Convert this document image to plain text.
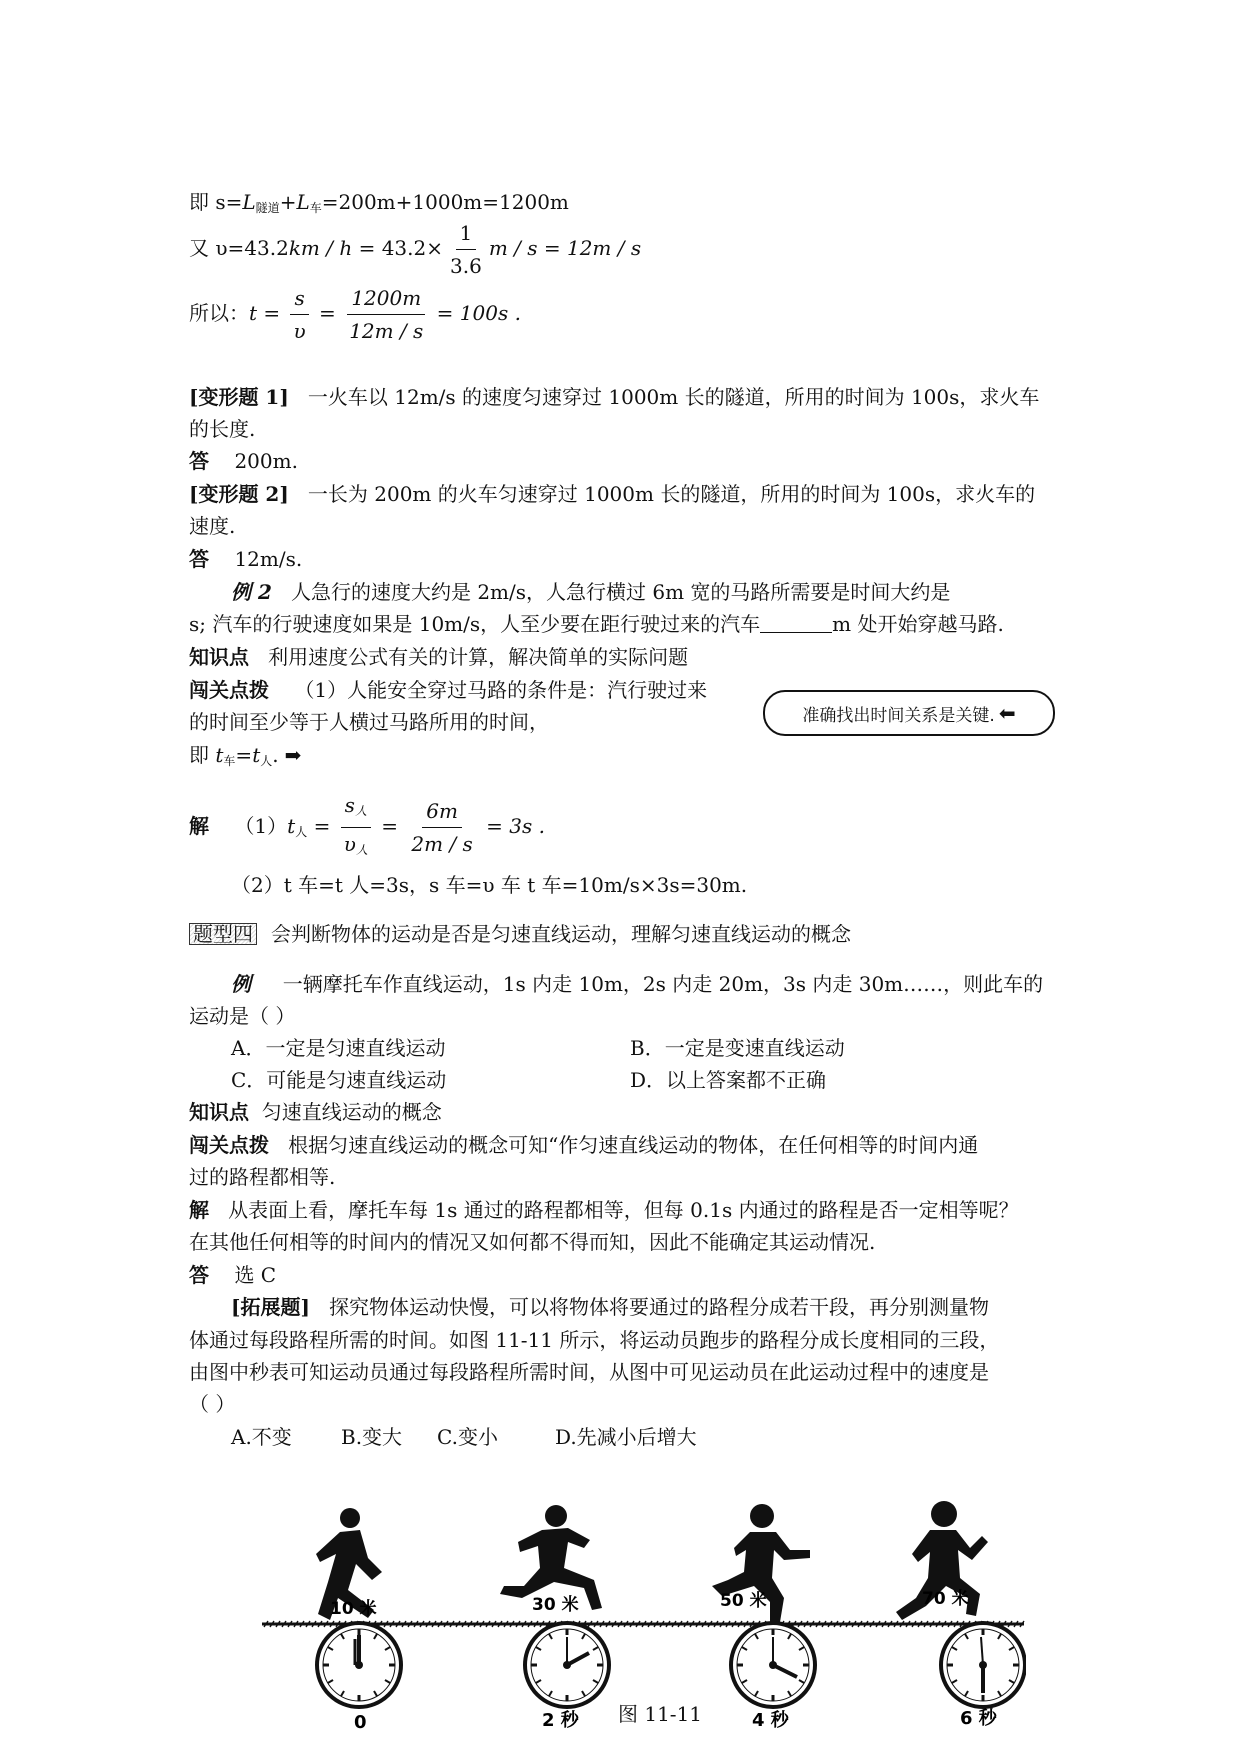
即 $s=L_{隧道}+L_车=200m+1000m=1200m$
又 $\upsilon=43.2km / h = 43.2\times \frac{1}{3.6}$ m / s = 12m / s
所以：$t = \frac{s}{\upsilon} = \frac{1200m}{12m / s} = 100s$ .
[变形题 1] 一火车以 12m/s 的速度匀速穿过 1000m 长的隧道，所用的时间为 100s，求火车
的长度.
答 200m.
[变形题 2] 一长为 200m 的火车匀速穿过 1000m 长的隧道，所用的时间为 100s，求火车的
速度.
答 12m/s.
例 2 人急行的速度大约是 2m/s，人急行横过 6m 宽的马路所需要是时间大约是
s; 汽车的行驶速度如果是 10m/s，人至少要在距行驶过来的汽车	m 处开始穿越马路.
知识点 利用速度公式有关的计算，解决简单的实际问题
闯关点拨 （1）人能安全穿过马路的条件是：汽行驶过来
的时间至少等于人横过马路所用的时间，
即 $t_车=t_人$. ➡
准确找出时间关系是关键. ⬅
解 $(1)t_人 = \frac{s_人}{\upsilon_人} = \frac{6m}{2m / s} = 3s$ .
（2）t 车=t 人=3s，s 车=υ 车 t 车=10m/s×3s=30m.
题型四 会判断物体的运动是否是匀速直线运动，理解匀速直线运动的概念
例 一辆摩托车作直线运动，1s 内走 10m，2s 内走 20m，3s 内走 30m……，则此车的
运动是（ ）
A．一定是匀速直线运动	B．一定是变速直线运动
C．可能是匀速直线运动	D．以上答案都不正确
知识点 匀速直线运动的概念
闯关点拨 根据匀速直线运动的概念可知“作匀速直线运动的物体，在任何相等的时间内通
过的路程都相等.
解 从表面上看，摩托车每 1s 通过的路程都相等，但每 0.1s 内通过的路程是否一定相等呢？
在其他任何相等的时间内的情况又如何都不得而知，因此不能确定其运动情况.
答 选 C
[拓展题] 探究物体运动快慢，可以将物体将要通过的路程分成若干段，再分别测量物
体通过每段路程所需的时间。如图 11-11 所示，将运动员跑步的路程分成长度相同的三段，
由图中秒表可知运动员通过每段路程所需时间，从图中可见运动员在此运动过程中的速度是
（ ）
A.不变 B.变大 C.变小	D.先减小后增大
10 米	30 米	50 米	70 米
0	2 秒	4 秒	6 秒
图 11-11
